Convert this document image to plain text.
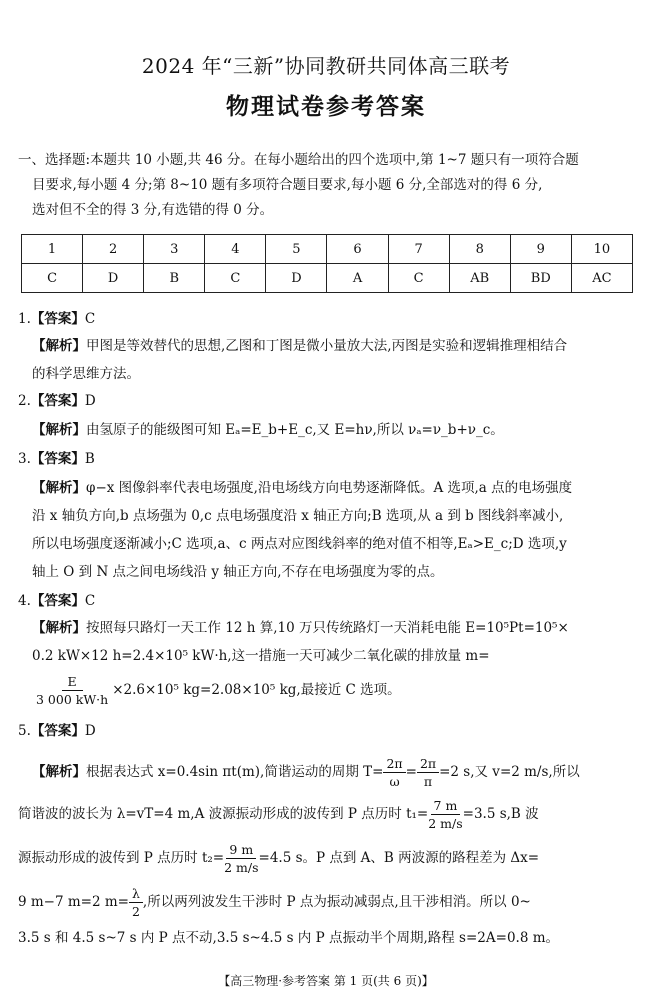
2024 年“三新”协同教研共同体高三联考
物理试卷参考答案
一、选择题:本题共 10 小题,共 46 分。在每小题给出的四个选项中,第 1~7 题只有一项符合题
目要求,每小题 4 分;第 8~10 题有多项符合题目要求,每小题 6 分,全部选对的得 6 分,
选对但不全的得 3 分,有选错的得 0 分。
1	2	3	4	5	6	7	8	9	10
C	D	B	C	D	A	C	AB	BD	AC
1.【答案】C
【解析】甲图是等效替代的思想,乙图和丁图是微小量放大法,丙图是实验和逻辑推理相结合
的科学思维方法。
2.【答案】D
【解析】由氢原子的能级图可知 Eₐ=E_b+E_c,又 E=hν,所以 νₐ=ν_b+ν_c。
3.【答案】B
【解析】φ−x 图像斜率代表电场强度,沿电场线方向电势逐渐降低。A 选项,a 点的电场强度
沿 x 轴负方向,b 点场强为 0,c 点电场强度沿 x 轴正方向;B 选项,从 a 到 b 图线斜率减小,
所以电场强度逐渐减小;C 选项,a、c 两点对应图线斜率的绝对值不相等,Eₐ>E_c;D 选项,y
轴上 O 到 N 点之间电场线沿 y 轴正方向,不存在电场强度为零的点。
4.【答案】C
【解析】按照每只路灯一天工作 12 h 算,10 万只传统路灯一天消耗电能 E=10⁵Pt=10⁵×
0.2 kW×12 h=2.4×10⁵ kW·h,这一措施一天可减少二氧化碳的排放量 m=
$\frac{E}{3 000 kW\cdot h} \times 2.6\times 10^5$ kg=2.08×10⁵ kg,最接近 C 选项。
5.【答案】D
【解析】 根据表达式 x=0.4sin πt(m),简谐运动的周期 $T= \frac{2\pi}{\omega} = \frac{2\pi}{\pi} =2$ s,又 v=2 m/s,所以
简谐波的波长为 λ=vT=4 m,A 波源振动形成的波传到 P 点历时 $t_1= \frac{7 m}{2 m/s} =3.5$ s,B 波
源振动形成的波传到 P 点历时 $t_2= \frac{9 m}{2 m/s} =4.5$ s。P 点到 A、B 两波源的路程差为 Δx=
9 m−7 m=2 $m= \frac{\lambda}{2}$ ,所以两列波发生干涉时 P 点为振动减弱点,且干涉相消。所以 0~
3.5 s 和 4.5 s~7 s 内 P 点不动,3.5 s~4.5 s 内 P 点振动半个周期,路程 s=2A=0.8 m。
【高三物理·参考答案 第 1 页(共 6 页)】
